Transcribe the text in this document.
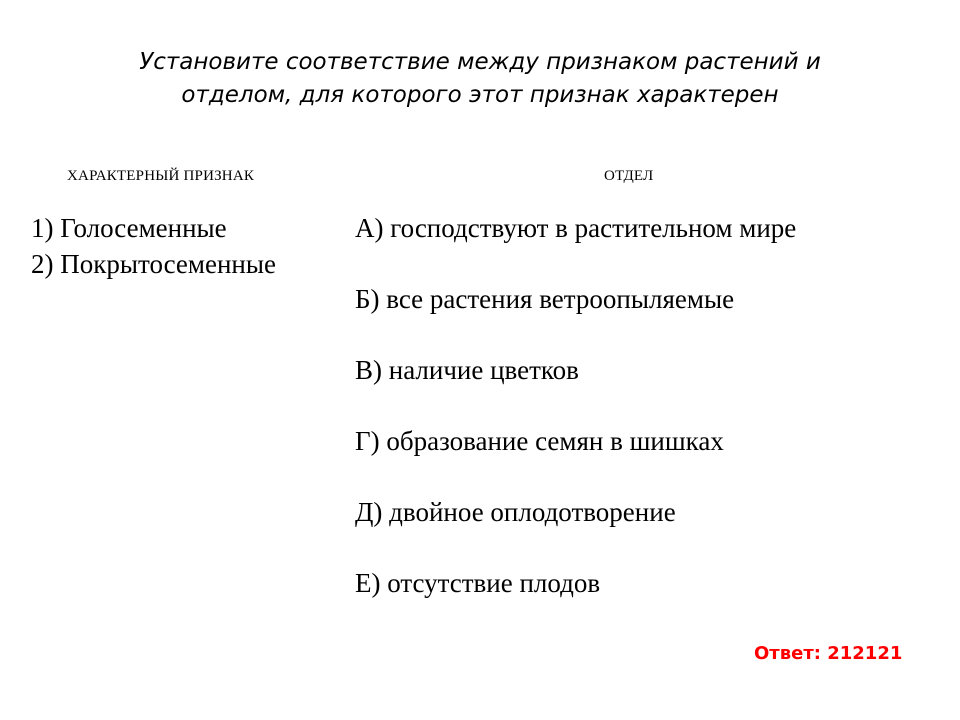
Установите соответствие между признаком растений и
отделом, для которого этот признак характерен
ХАРАКТЕРНЫЙ ПРИЗНАК	ОТДЕЛ
1) Голосеменные
2) Покрытосеменные
А) господствуют в растительном мире
Б) все растения ветроопыляемые
В) наличие цветков
Г) образование семян в шишках
Д) двойное оплодотворение
Е) отсутствие плодов
Ответ: 212121
